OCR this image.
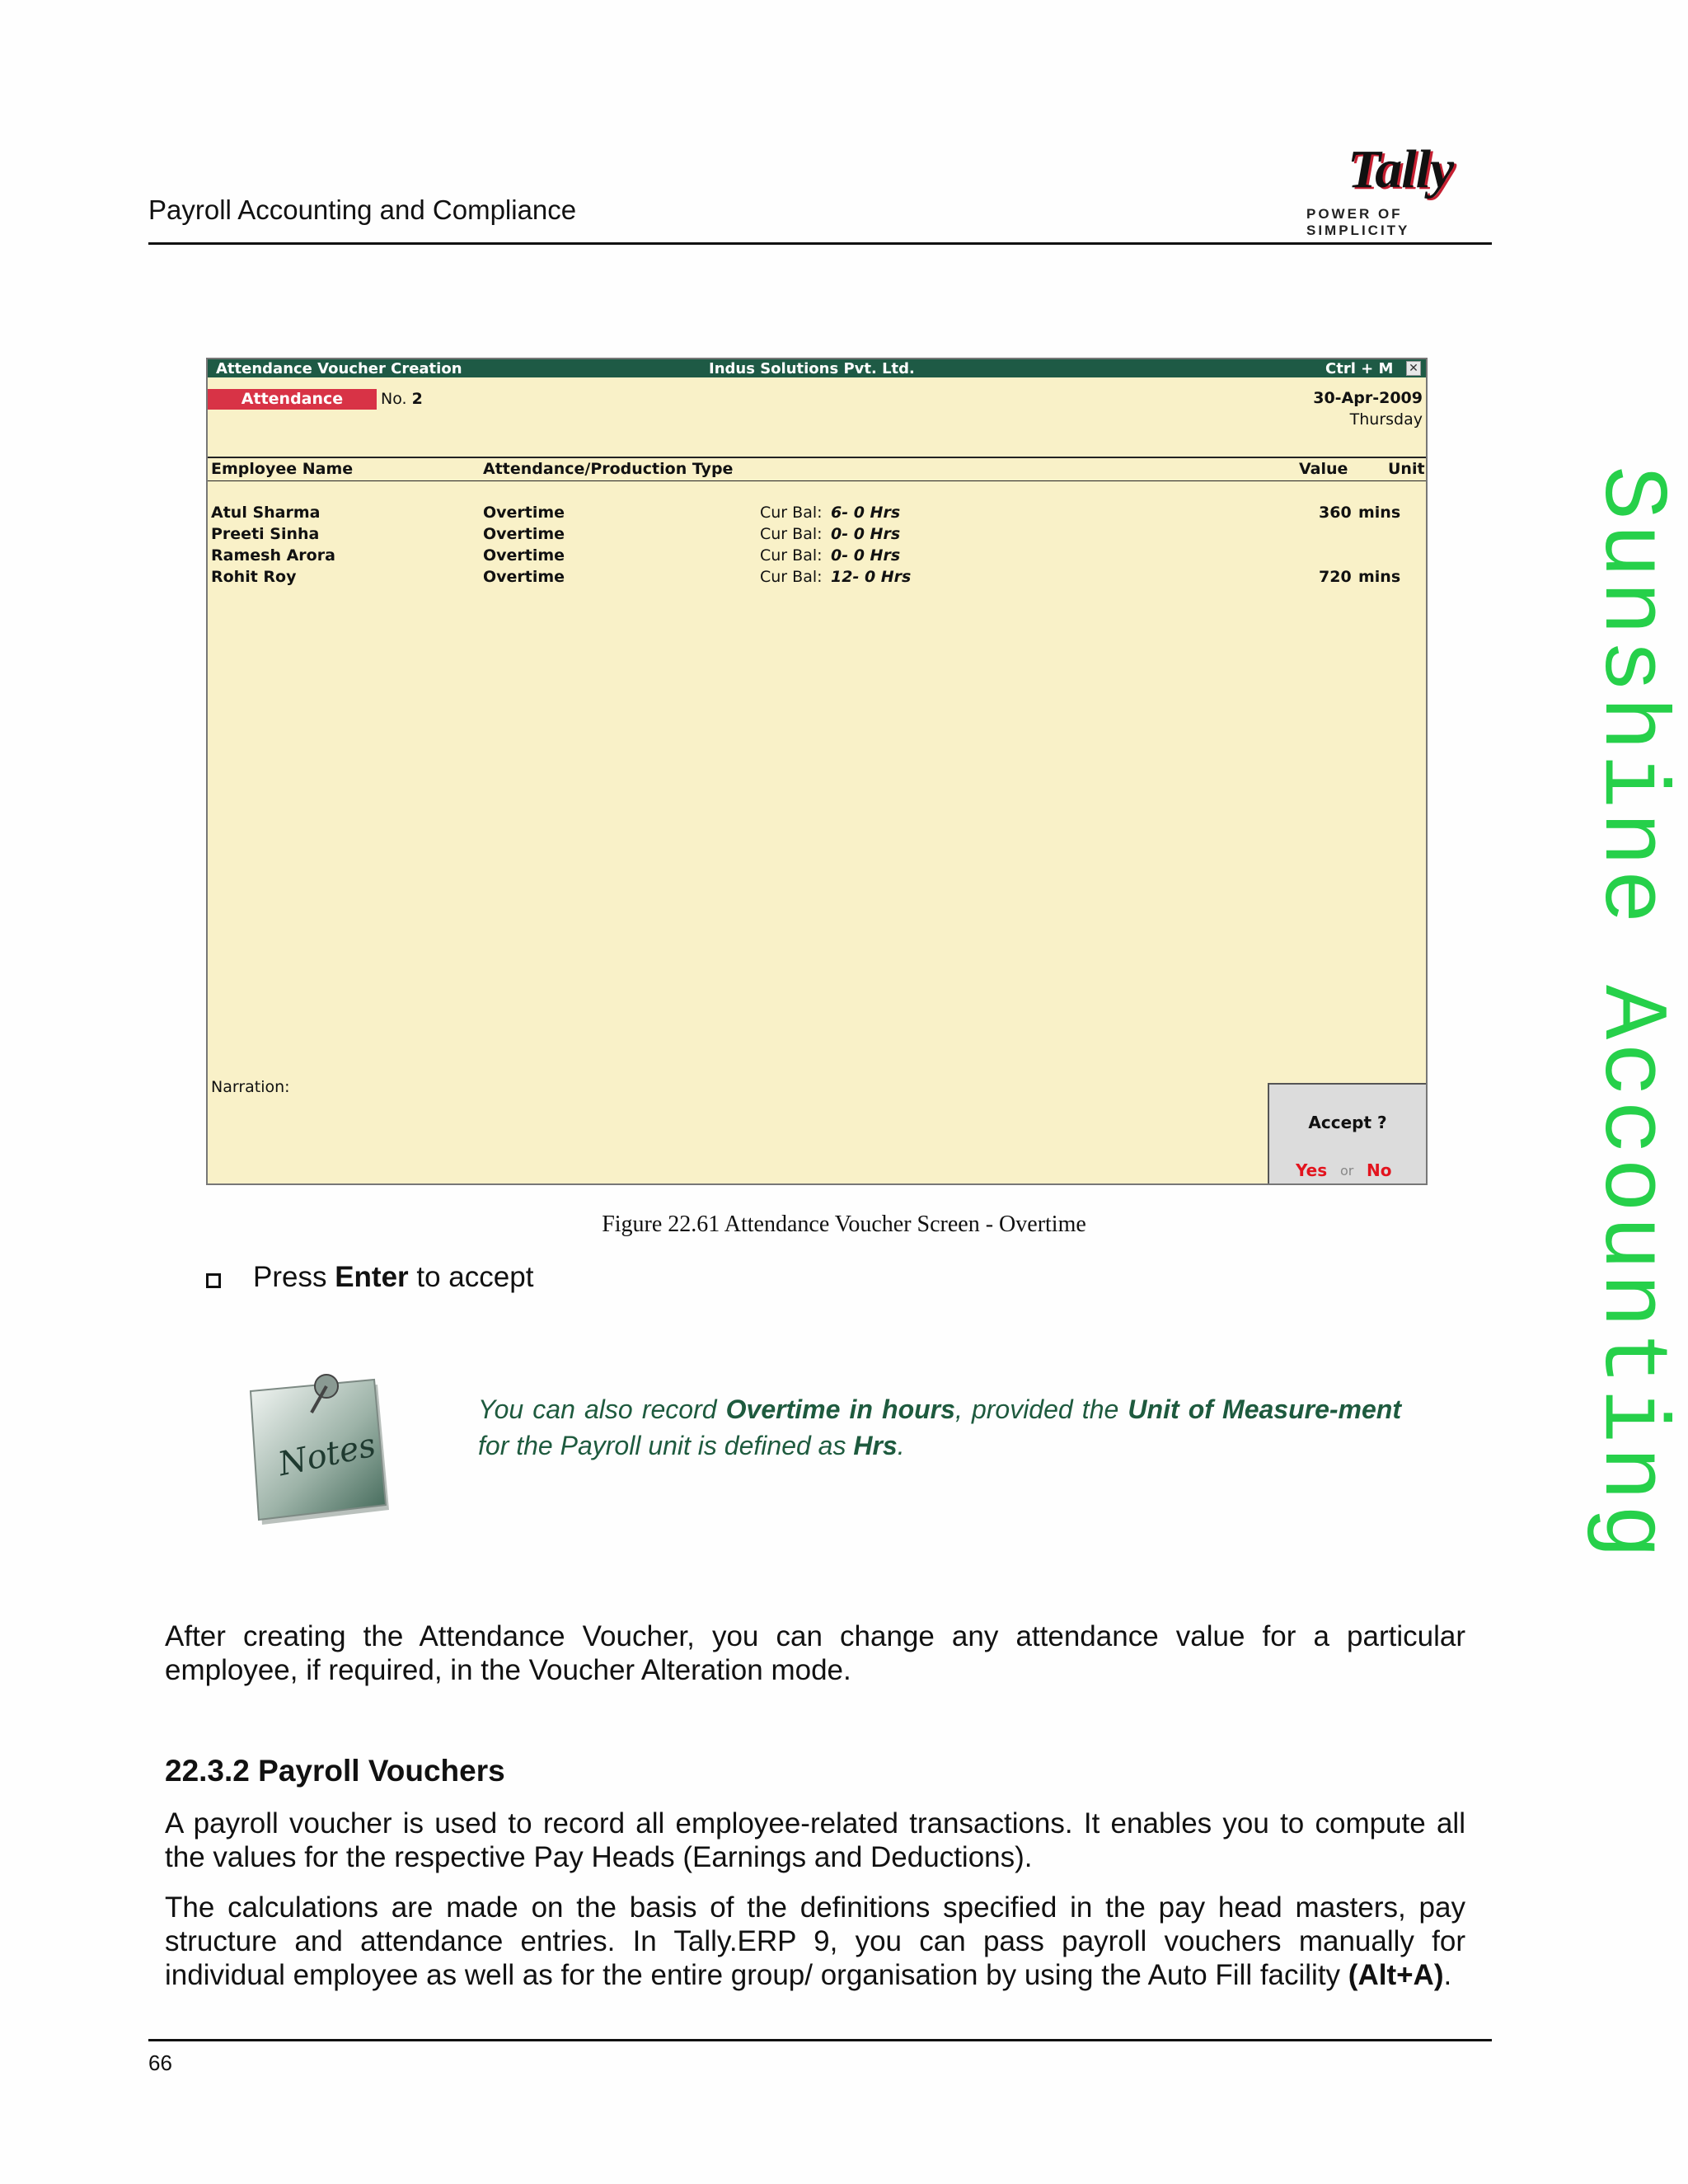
Payroll Accounting and Compliance
Tally
POWER OF SIMPLICITY
Sunshine Accounting
Attendance Voucher Creation	Indus Solutions Pvt. Ltd.	Ctrl + M ✕
Attendance	No. 2	30-Apr-2009
Thursday
Employee Name	Attendance/Production Type	Value	Unit
Atul Sharma	Overtime	Cur Bal: 6- 0 Hrs	360 mins
Preeti Sinha	Overtime	Cur Bal: 0- 0 Hrs
Ramesh Arora	Overtime	Cur Bal: 0- 0 Hrs
Rohit Roy	Overtime	Cur Bal: 12- 0 Hrs	720 mins
Narration:
Accept ?
Yes or No
Figure 22.61 Attendance Voucher Screen - Overtime
Press Enter to accept
Notes
You can also record Overtime in hours, provided the Unit of Measure-ment for the Payroll unit is defined as Hrs.
After creating the Attendance Voucher, you can change any attendance value for a particular employee, if required, in the Voucher Alteration mode.
22.3.2 Payroll Vouchers
A payroll voucher is used to record all employee-related transactions. It enables you to compute all the values for the respective Pay Heads (Earnings and Deductions).
The calculations are made on the basis of the definitions specified in the pay head masters, pay structure and attendance entries. In Tally.ERP 9, you can pass payroll vouchers manually for individual employee as well as for the entire group/ organisation by using the Auto Fill facility (Alt+A).
66
